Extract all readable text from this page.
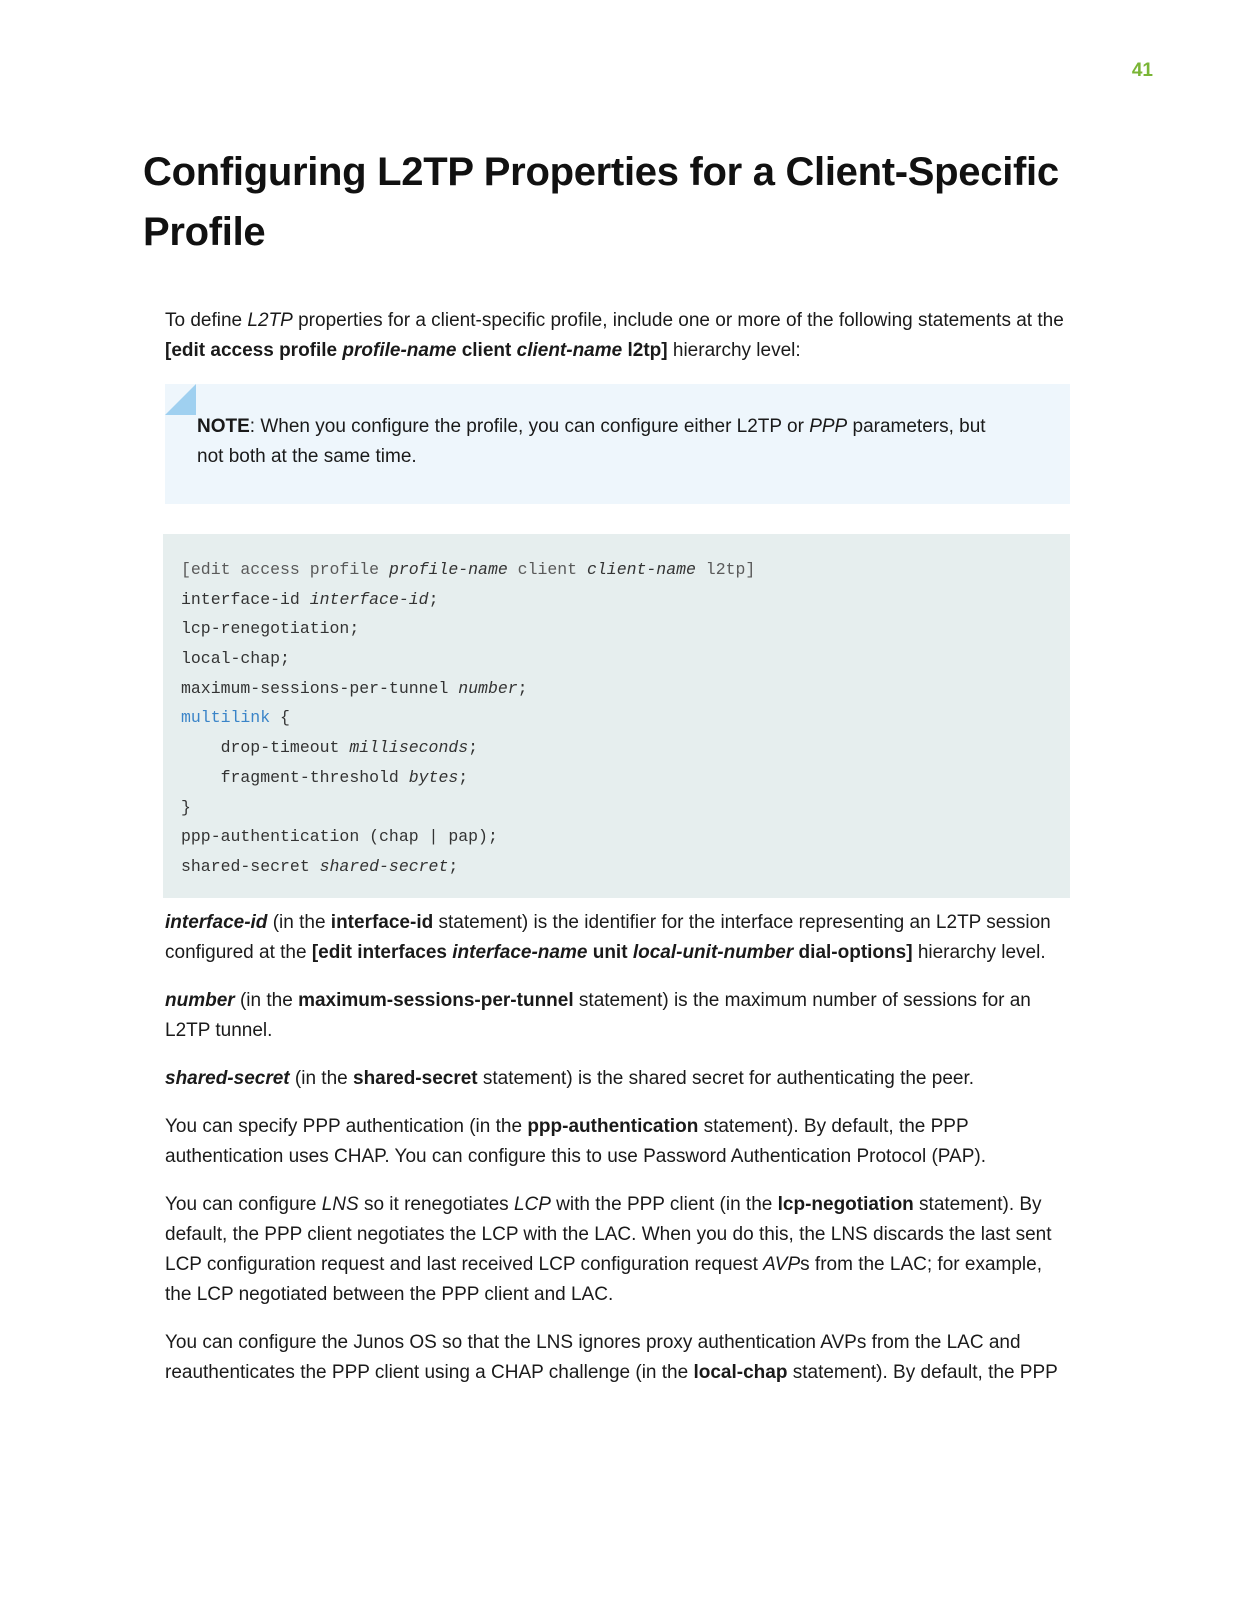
41
Configuring L2TP Properties for a Client-Specific Profile

To define L2TP properties for a client-specific profile, include one or more of the following statements at the [edit access profile profile-name client client-name l2tp] hierarchy level:

NOTE: When you configure the profile, you can configure either L2TP or PPP parameters, but not both at the same time.

[edit access profile profile-name client client-name l2tp]
interface-id interface-id;
lcp-renegotiation;
local-chap;
maximum-sessions-per-tunnel number;
multilink {
drop-timeout milliseconds;
fragment-threshold bytes;
}
ppp-authentication (chap | pap);
shared-secret shared-secret;

interface-id (in the interface-id statement) is the identifier for the interface representing an L2TP session configured at the [edit interfaces interface-name unit local-unit-number dial-options] hierarchy level.

number (in the maximum-sessions-per-tunnel statement) is the maximum number of sessions for an L2TP tunnel.

shared-secret (in the shared-secret statement) is the shared secret for authenticating the peer.

You can specify PPP authentication (in the ppp-authentication statement). By default, the PPP authentication uses CHAP. You can configure this to use Password Authentication Protocol (PAP).

You can configure LNS so it renegotiates LCP with the PPP client (in the lcp-negotiation statement). By default, the PPP client negotiates the LCP with the LAC. When you do this, the LNS discards the last sent LCP configuration request and last received LCP configuration request AVPs from the LAC; for example, the LCP negotiated between the PPP client and LAC.

You can configure the Junos OS so that the LNS ignores proxy authentication AVPs from the LAC and reauthenticates the PPP client using a CHAP challenge (in the local-chap statement). By default, the PPP
